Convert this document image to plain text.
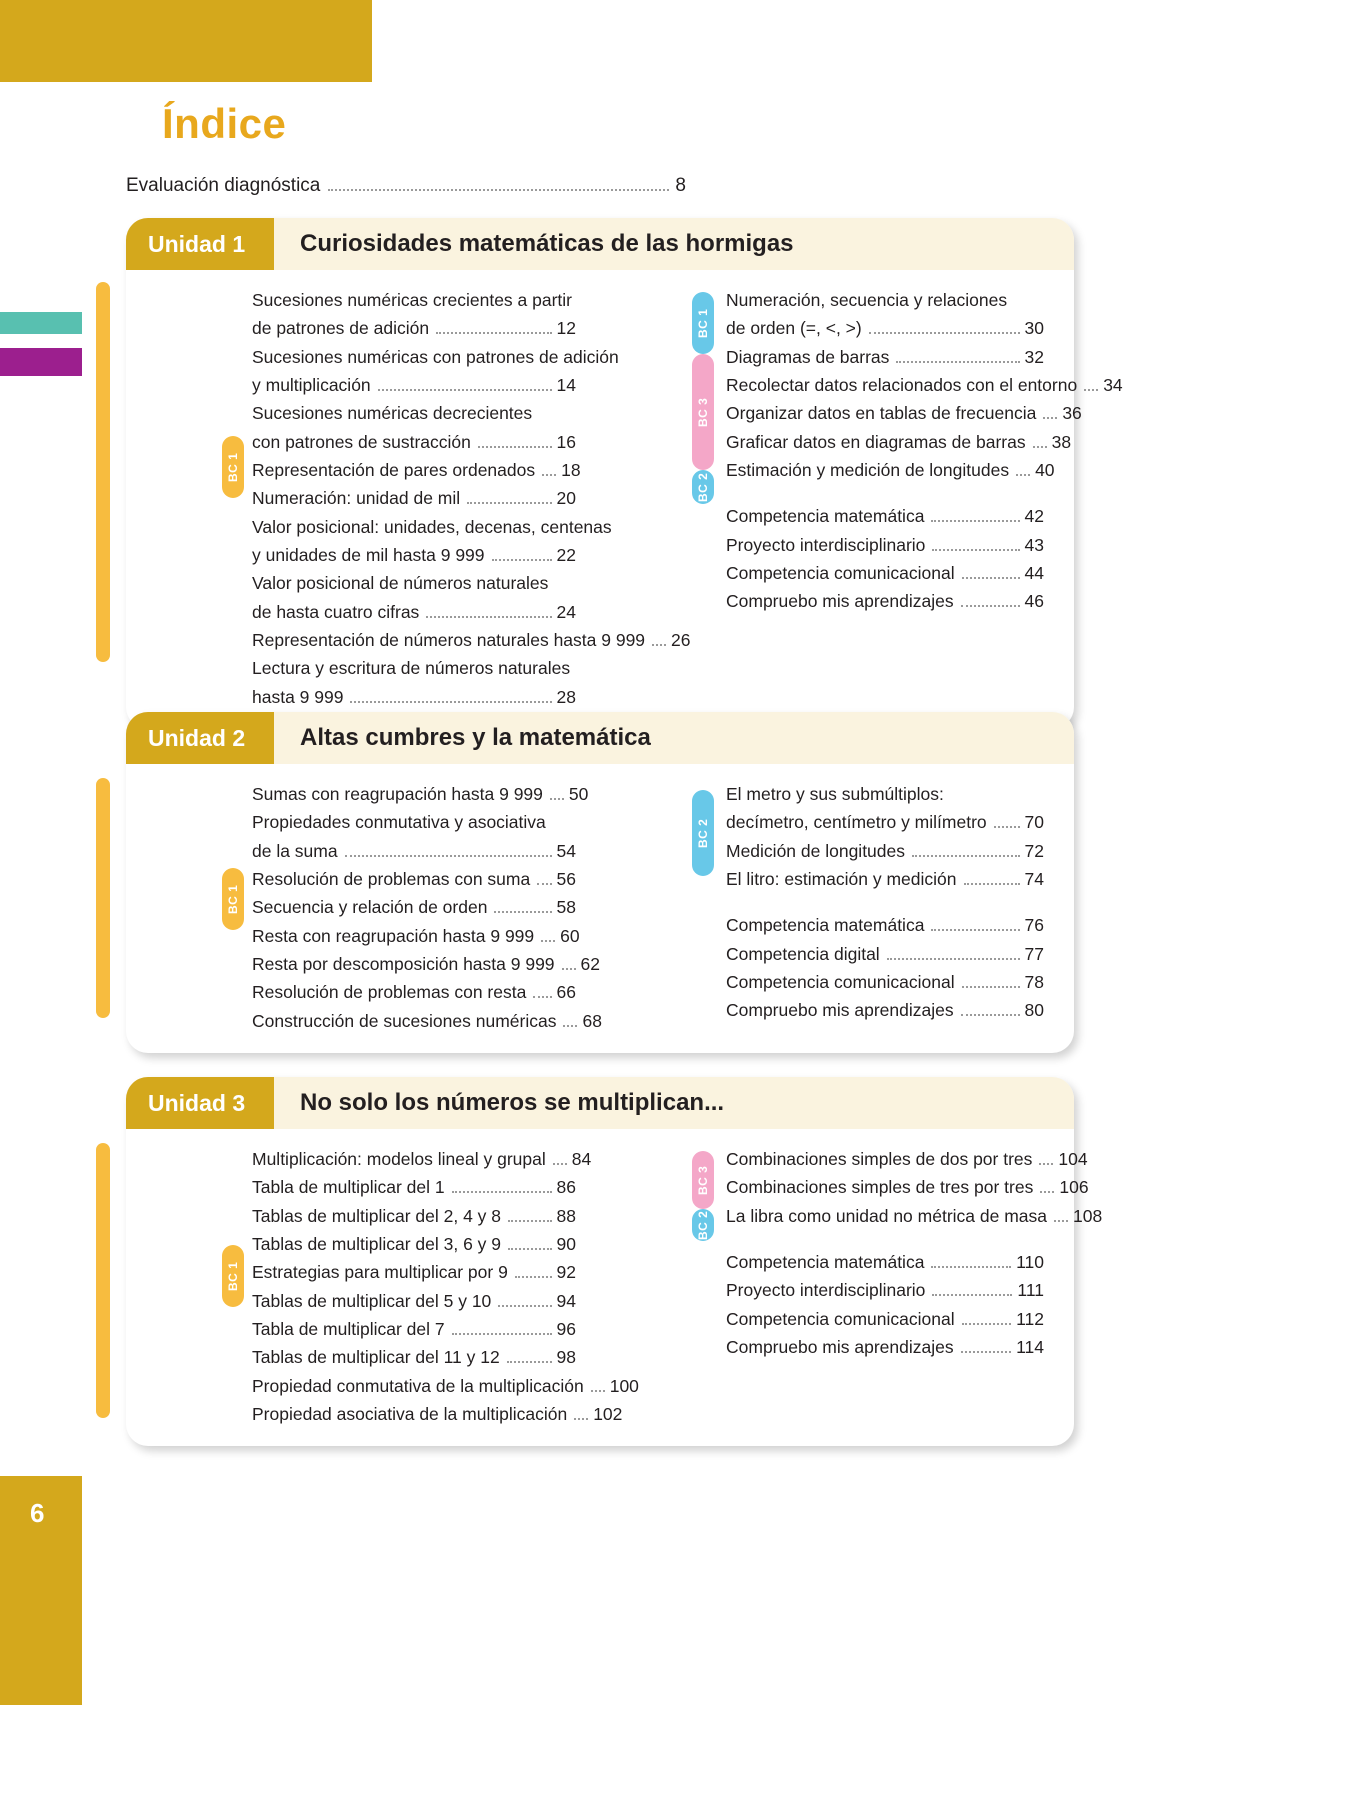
6
Índice
Evaluación diagnóstica	8
Unidad 1	Curiosidades matemáticas de las hormigas
BC 1
Sucesiones numéricas crecientes a partir
de patrones de adición	12
Sucesiones numéricas con patrones de adición
y multiplicación	14
Sucesiones numéricas decrecientes
con patrones de sustracción	16
Representación de pares ordenados 18
Numeración: unidad de mil	20
Valor posicional: unidades, decenas, centenas
y unidades de mil hasta 9 999	22
Valor posicional de números naturales
de hasta cuatro cifras	24
Representación de números naturales hasta 9 999 26
Lectura y escritura de números naturales
hasta 9 999	28
BC 1
BC 3
BC 2
Numeración, secuencia y relaciones
de orden (=, <, >)	30
Diagramas de barras	32
Recolectar datos relacionados con el entorno 34
Organizar datos en tablas de frecuencia 36
Graficar datos en diagramas de barras 38
Estimación y medición de longitudes 40
Competencia matemática	42
Proyecto interdisciplinario	43
Competencia comunicacional	44
Compruebo mis aprendizajes	46
Unidad 2	Altas cumbres y la matemática
BC 1
Sumas con reagrupación hasta 9 999 50
Propiedades conmutativa y asociativa
de la suma	54
Resolución de problemas con suma 56
Secuencia y relación de orden	58
Resta con reagrupación hasta 9 999 60
Resta por descomposición hasta 9 999 62
Resolución de problemas con resta 66
Construcción de sucesiones numéricas 68
BC 2
El metro y sus submúltiplos:
decímetro, centímetro y milímetro 70
Medición de longitudes	72
El litro: estimación y medición	74
Competencia matemática	76
Competencia digital	77
Competencia comunicacional	78
Compruebo mis aprendizajes	80
Unidad 3	No solo los números se multiplican...
BC 1
Multiplicación: modelos lineal y grupal 84
Tabla de multiplicar del 1	86
Tablas de multiplicar del 2, 4 y 8	88
Tablas de multiplicar del 3, 6 y 9	90
Estrategias para multiplicar por 9	92
Tablas de multiplicar del 5 y 10	94
Tabla de multiplicar del 7	96
Tablas de multiplicar del 11 y 12	98
Propiedad conmutativa de la multiplicación 100
Propiedad asociativa de la multiplicación 102
BC 3
BC 2
Combinaciones simples de dos por tres 104
Combinaciones simples de tres por tres 106
La libra como unidad no métrica de masa 108
Competencia matemática	110
Proyecto interdisciplinario	111
Competencia comunicacional	112
Compruebo mis aprendizajes	114
